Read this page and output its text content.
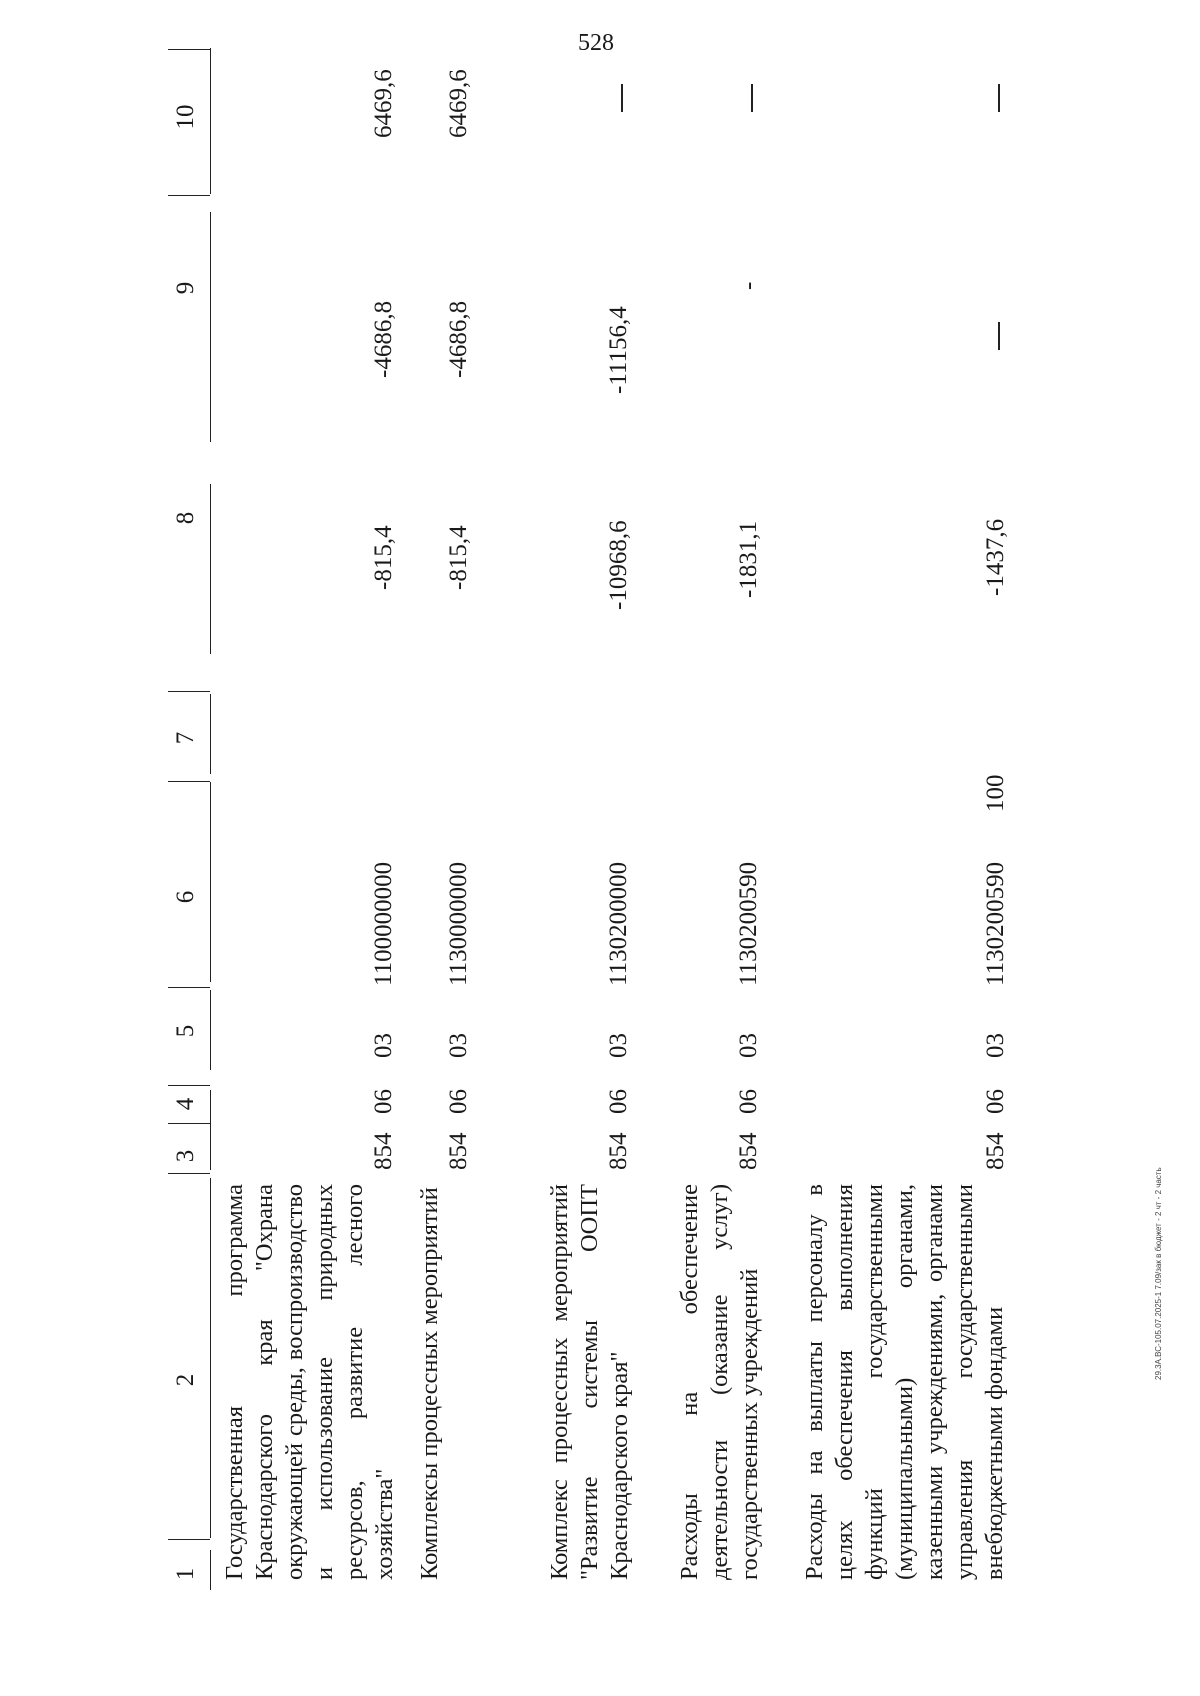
528
29.3А.ВС-105.07.2025-1 7.09/зак в бюджет - 2 чт - 2 часть
1
2
3
4
5
6
7
8
9
10
Государственная программа Краснодарского края "Охрана окружающей среды, воспроизводство и использование природных ресурсов, развитие лесного хозяйства"
854
06
03
1100000000
-815,4
-4686,8
6469,6
Комплексы процессных мероприятий
854
06
03
1130000000
-815,4
-4686,8
6469,6
Комплекс процессных мероприятий "Развитие системы ООПТ Краснодарского края"
854
06
03
1130200000
-10968,6
-11156,4
Расходы на обеспечение деятельности (оказание услуг) государственных учреждений
854
06
03
1130200590
-1831,1
-
Расходы на выплаты персоналу в целях обеспечения выполнения функций государственными (муниципальными) органами, казенными учреждениями, органами управления государственными внебюджетными фондами
854
06
03
1130200590
100
-1437,6
